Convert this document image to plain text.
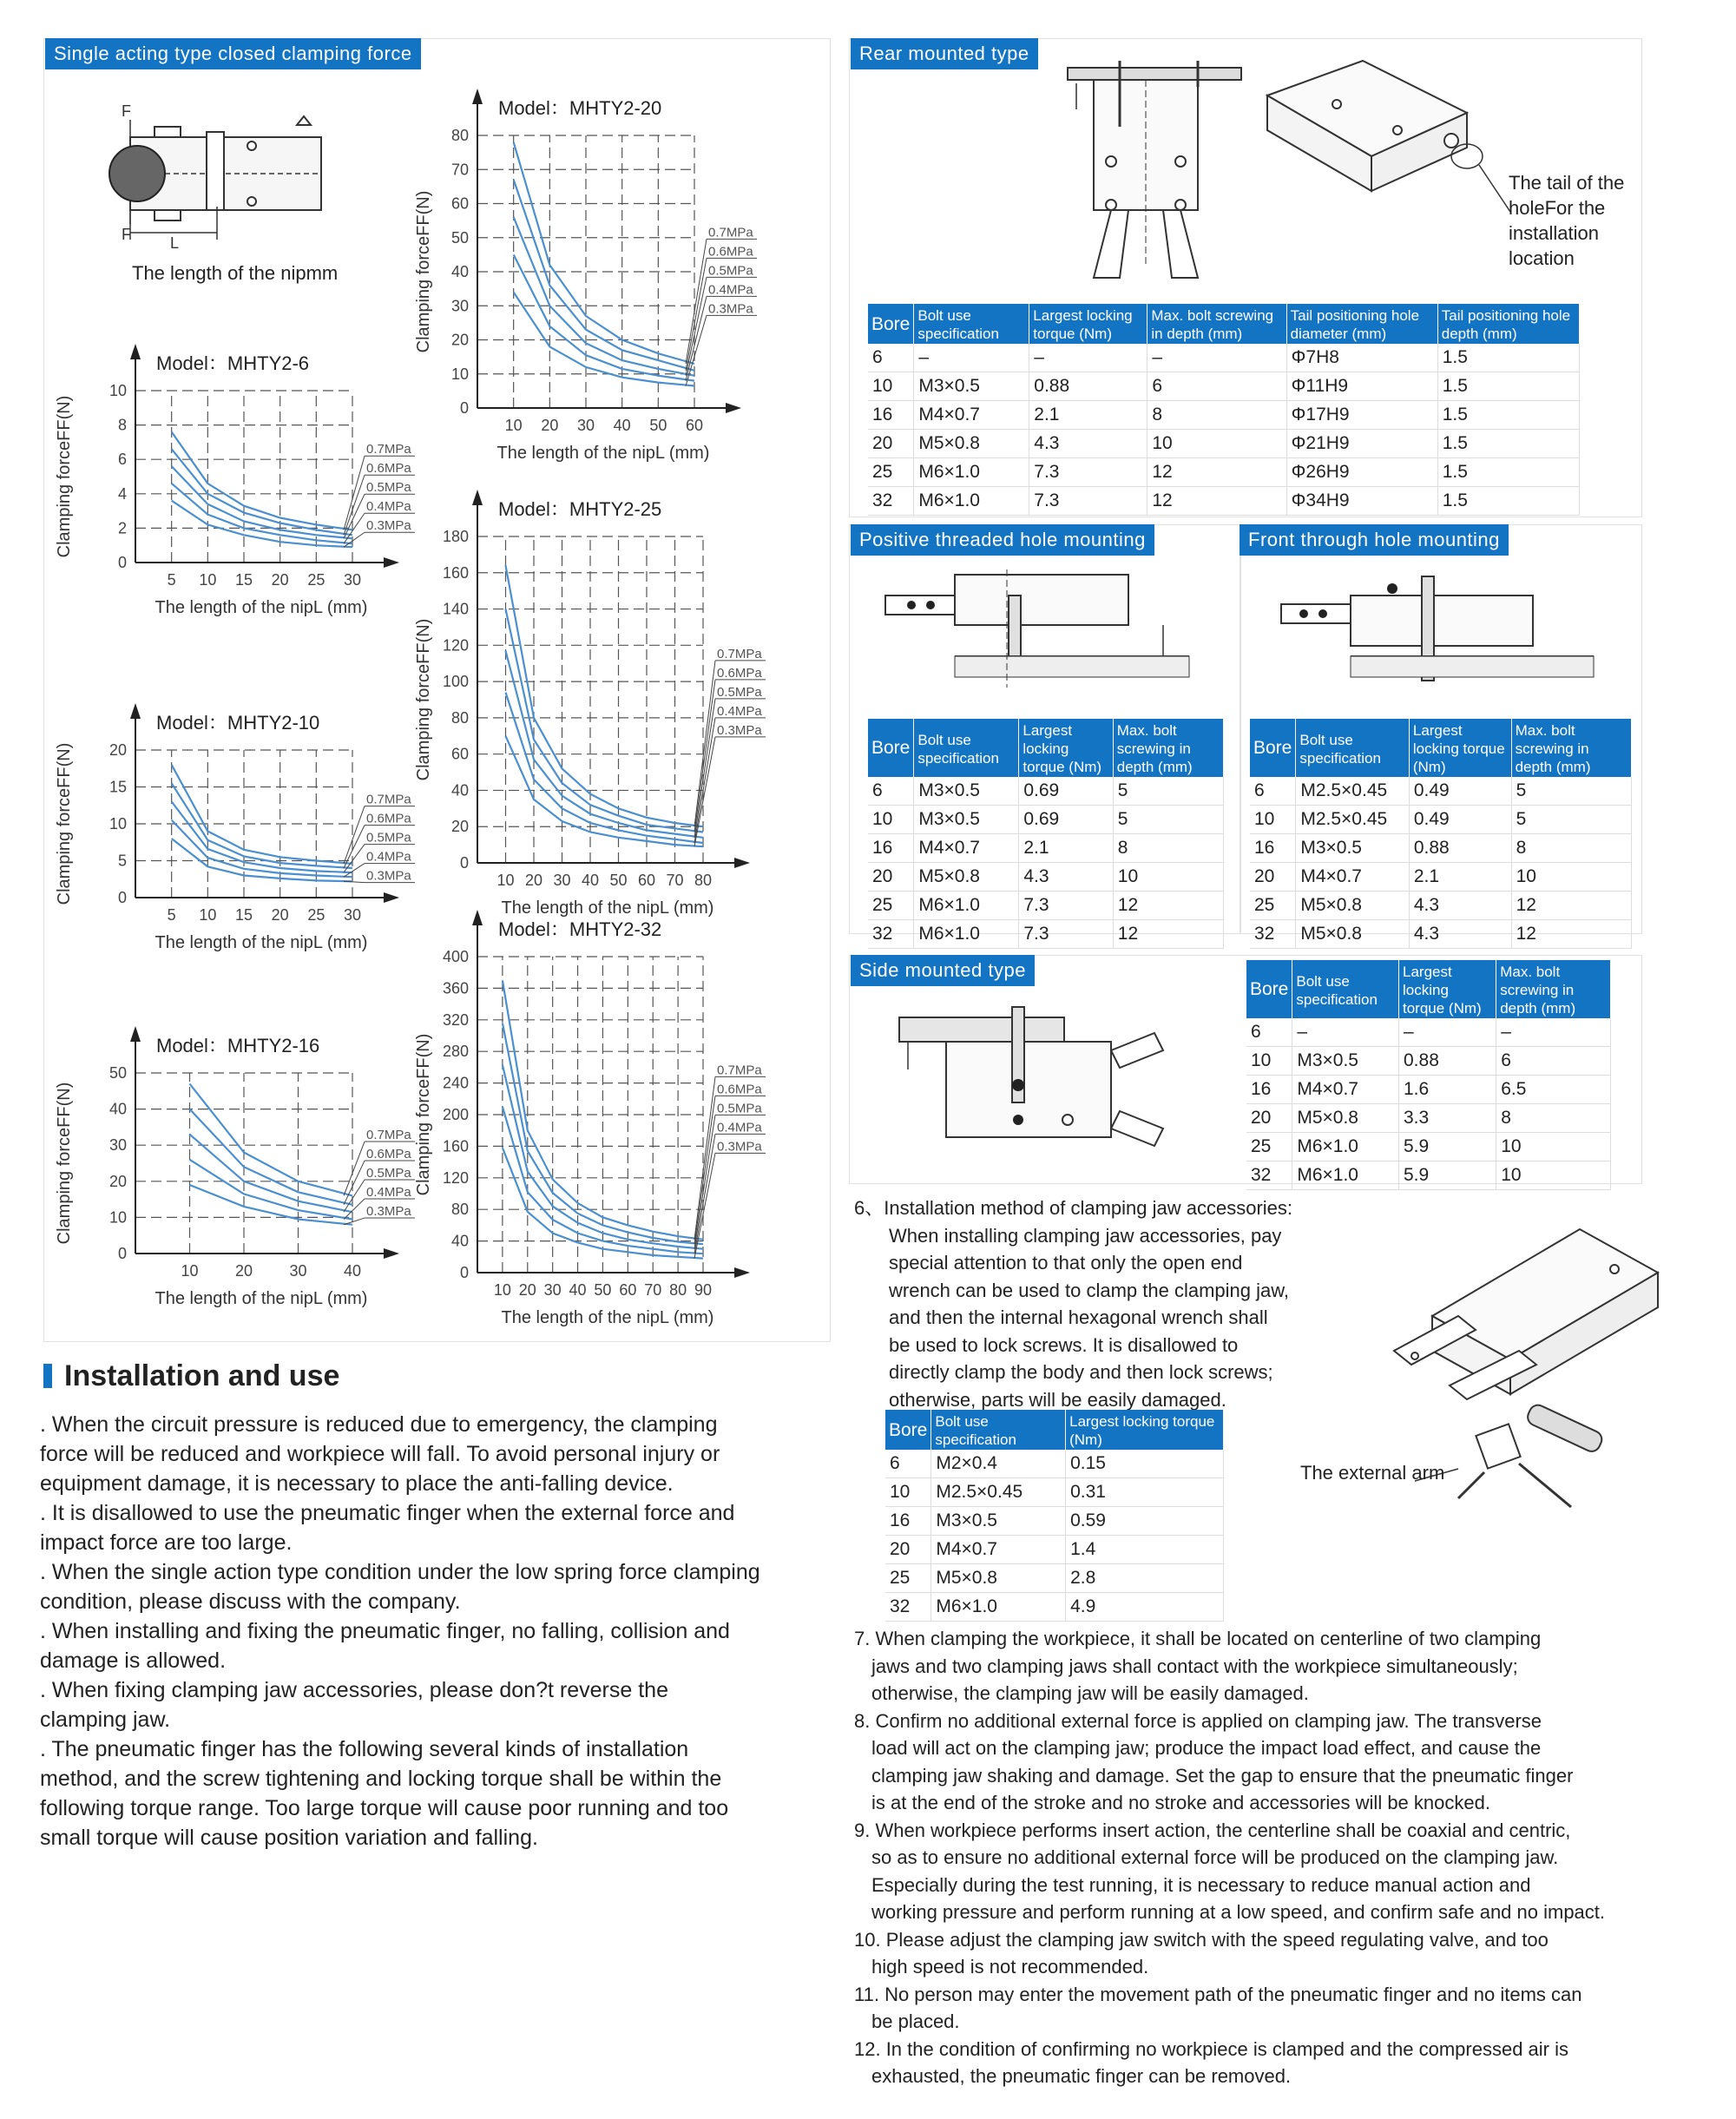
Single acting type closed clamping force
F
F	L
The length of the nipmm
0
2
4
6
8
10
5 10 15 20 25 30
Model：MHTY2-6
Clamping forceFF(N)
The length of the nipL (mm)
0.7MPa
0.6MPa
0.5MPa
0.4MPa
0.3MPa
0
5
10
15
20
5 10 15 20 25 30
Model：MHTY2-10
Clamping forceFF(N)
The length of the nipL (mm)
0.7MPa
0.6MPa
0.5MPa
0.4MPa
0.3MPa
0
10
20
30
40
50
10 20 30 40
Model：MHTY2-16
Clamping forceFF(N)
The length of the nipL (mm)
0.7MPa
0.6MPa
0.5MPa
0.4MPa
0.3MPa
0
10
20
30
40
50
60
70
80
10 20 30 40 50 60
Model：MHTY2-20
Clamping forceFF(N)
The length of the nipL (mm)
0.7MPa
0.6MPa
0.5MPa
0.4MPa
0.3MPa
0
20
40
60
80
100
120
140
160
180
10 20 30 40 50 60 70 80
Model：MHTY2-25
Clamping forceFF(N)
The length of the nipL (mm)
0.7MPa
0.6MPa
0.5MPa
0.4MPa
0.3MPa
0
40
80
120
160
200
240
280
320
360
400
10 20 30 40 50 60 70 80 90
Model：MHTY2-32
Clamping forceFF(N)
The length of the nipL (mm)
0.7MPa
0.6MPa
0.5MPa
0.4MPa
0.3MPa
Rear mounted type
The tail of the
holeFor the
installation
location
Bore	Bolt use specification	Largest locking torque (Nm)	Max. bolt screwing in depth (mm)	Tail positioning hole diameter (mm)	Tail positioning hole depth (mm)
6	–	–	–	Φ7H8	1.5
10	M3×0.5	0.88	6	Φ11H9	1.5
16	M4×0.7	2.1	8	Φ17H9	1.5
20	M5×0.8	4.3	10	Φ21H9	1.5
25	M6×1.0	7.3	12	Φ26H9	1.5
32	M6×1.0	7.3	12	Φ34H9	1.5
Positive threaded hole mounting
Bore	Bolt use specification	Largest locking torque (Nm)	Max. bolt screwing in depth (mm)
6	M3×0.5	0.69	5
10	M3×0.5	0.69	5
16	M4×0.7	2.1	8
20	M5×0.8	4.3	10
25	M6×1.0	7.3	12
32	M6×1.0	7.3	12
Front through hole mounting
Bore	Bolt use specification	Largest locking torque (Nm)	Max. bolt screwing in depth (mm)
6	M2.5×0.45	0.49	5
10	M2.5×0.45	0.49	5
16	M3×0.5	0.88	8
20	M4×0.7	2.1	10
25	M5×0.8	4.3	12
32	M5×0.8	4.3	12
Side mounted type
Bore	Bolt use specification	Largest locking torque (Nm)	Max. bolt screwing in depth (mm)
6	–	–	–
10	M3×0.5	0.88	6
16	M4×0.7	1.6	6.5
20	M5×0.8	3.3	8
25	M6×1.0	5.9	10
32	M6×1.0	5.9	10

6、Installation method of clamping jaw accessories:

When installing clamping jaw accessories, pay

special attention to that only the open end

wrench can be used to clamp the clamping jaw,

and then the internal hexagonal wrench shall

be used to lock screws. It is disallowed to

directly clamp the body and then lock screws;

otherwise, parts will be easily damaged.

Bore	Bolt use specification	Largest locking torque (Nm)
6	M2×0.4	0.15
10	M2.5×0.45	0.31
16	M3×0.5	0.59
20	M4×0.7	1.4
25	M5×0.8	2.8
32	M6×1.0	4.9
The external arm
Installation and use

. When the circuit pressure is reduced due to emergency, the clamping

force will be reduced and workpiece will fall. To avoid personal injury or

equipment damage, it is necessary to place the anti-falling device.

. It is disallowed to use the pneumatic finger when the external force and

impact force are too large.

. When the single action type condition under the low spring force clamping

condition, please discuss with the company.

. When installing and fixing the pneumatic finger, no falling, collision and

damage is allowed.

. When fixing clamping jaw accessories, please don?t reverse the

clamping jaw.

. The pneumatic finger has the following several kinds of installation

method, and the screw tightening and locking torque shall be within the

following torque range. Too large torque will cause poor running and too

small torque will cause position variation and falling.

7. When clamping the workpiece, it shall be located on centerline of two clamping

jaws and two clamping jaws shall contact with the workpiece simultaneously;

otherwise, the clamping jaw will be easily damaged.

8. Confirm no additional external force is applied on clamping jaw. The transverse

load will act on the clamping jaw; produce the impact load effect, and cause the

clamping jaw shaking and damage. Set the gap to ensure that the pneumatic finger

is at the end of the stroke and no stroke and accessories will be knocked.

9. When workpiece performs insert action, the centerline shall be coaxial and centric,

so as to ensure no additional external force will be produced on the clamping jaw.

Especially during the test running, it is necessary to reduce manual action and

working pressure and perform running at a low speed, and confirm safe and no impact.

10. Please adjust the clamping jaw switch with the speed regulating valve, and too

high speed is not recommended.

11. No person may enter the movement path of the pneumatic finger and no items can

be placed.

12. In the condition of confirming no workpiece is clamped and the compressed air is

exhausted, the pneumatic finger can be removed.
